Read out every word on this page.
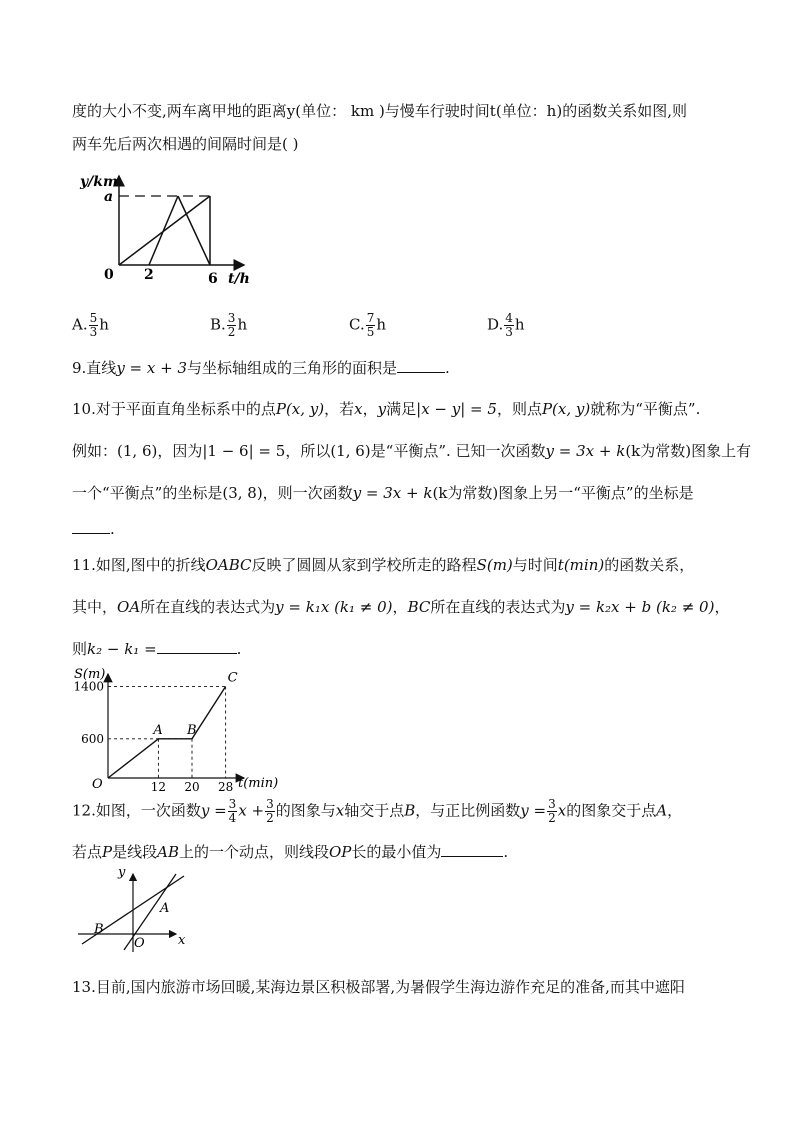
度的大小不变,两车离甲地的距离y(单位： km )与慢车行驶时间t(单位：h)的函数关系如图,则
两车先后两次相遇的间隔时间是( )
y/km
a
0 2	6 t/h
A. $\frac{5}{3}$ h	B. $\frac{3}{2}$ h	C. $\frac{7}{5}$ h	D. $\frac{4}{3}$ h
9.直线y = x + 3与坐标轴组成的三角形的面积是	.
10.对于平面直角坐标系中的点P(x, y)，若x，y满足|x − y| = 5，则点P(x, y)就称为“平衡点”.
例如：(1, 6)，因为|1 − 6| = 5，所以(1, 6)是“平衡点”. 已知一次函数y = 3x + k(k为常数)图象上有
一个“平衡点”的坐标是(3, 8)，则一次函数y = 3x + k(k为常数)图象上另一“平衡点”的坐标是
.
11.如图,图中的折线OABC反映了圆圆从家到学校所走的路程S(m)与时间t(min)的函数关系，
其中，OA所在直线的表达式为y = k₁x (k₁ ≠ 0)，BC所在直线的表达式为y = k₂x + b (k₂ ≠ 0)，
则k₂ − k₁ =	.
S(m)
t(min)
O
A B
C
600
1400
12 20 28
12.如图，一次函数$y = \frac{3}{4}$ $x + \frac{3}{2}$ 的图象与x轴交于点B，与正比例函数$y = \frac{3}{2}$ x的图象交于点A，
若点P是线段AB上的一个动点，则线段OP长的最小值为	.
y
x
O
A
B
13.目前,国内旅游市场回暖,某海边景区积极部署,为暑假学生海边游作充足的准备,而其中遮阳
